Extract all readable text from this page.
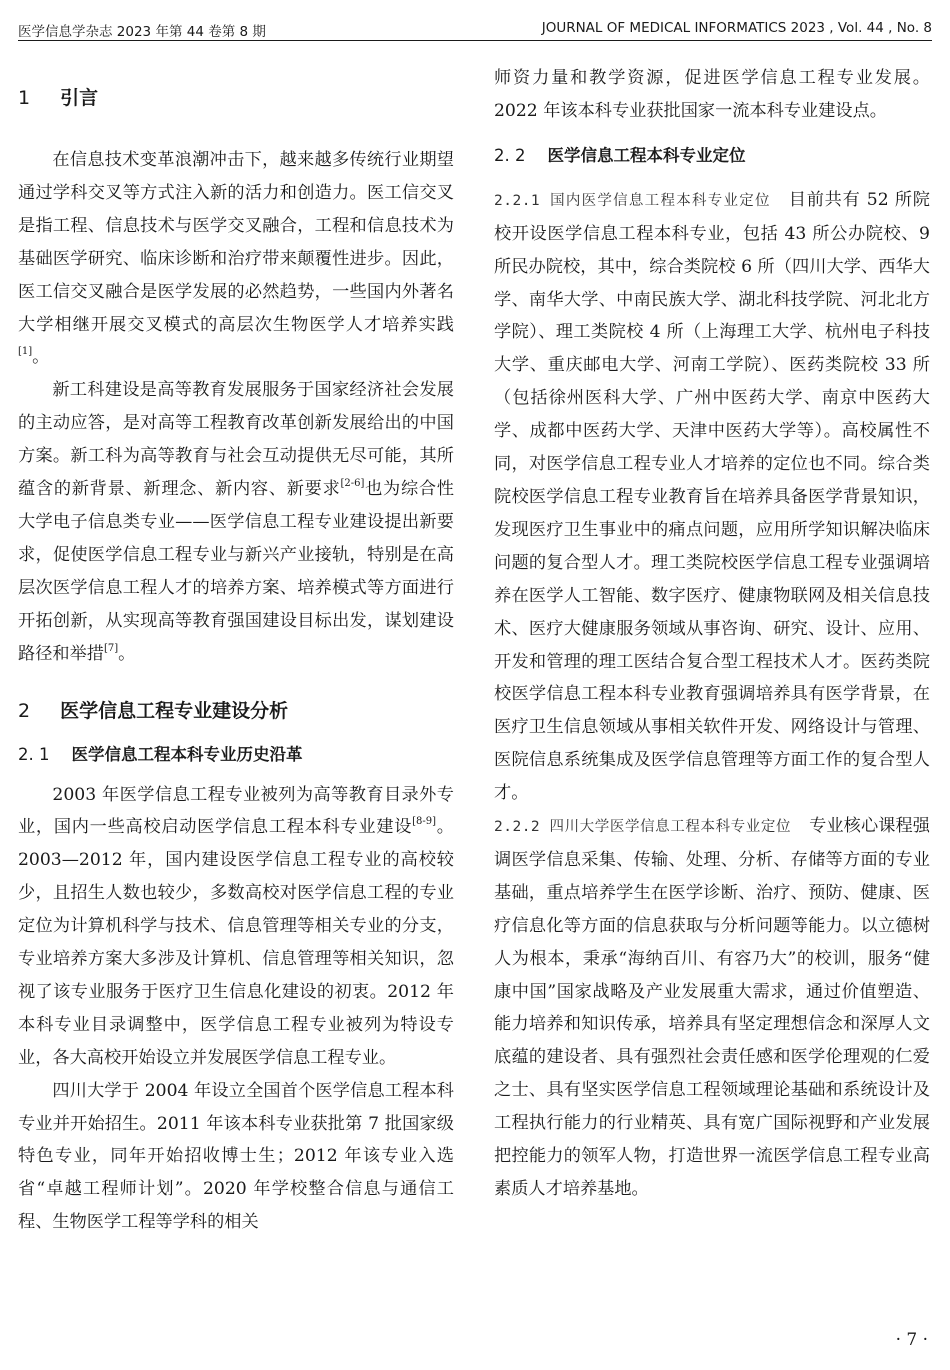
医学信息学杂志 2023 年第 44 卷第 8 期	JOURNAL OF MEDICAL INFORMATICS 2023 , Vol. 44 , No. 8
1 引言

在信息技术变革浪潮冲击下，越来越多传统行业期望通过学科交叉等方式注入新的活力和创造力。医工信交叉是指工程、信息技术与医学交叉融合，工程和信息技术为基础医学研究、临床诊断和治疗带来颠覆性进步。因此，医工信交叉融合是医学发展的必然趋势，一些国内外著名大学相继开展交叉模式的高层次生物医学人才培养实践[1]。

新工科建设是高等教育发展服务于国家经济社会发展的主动应答，是对高等工程教育改革创新发展给出的中国方案。新工科为高等教育与社会互动提供无尽可能，其所蕴含的新背景、新理念、新内容、新要求[2-6]也为综合性大学电子信息类专业——医学信息工程专业建设提出新要求，促使医学信息工程专业与新兴产业接轨，特别是在高层次医学信息工程人才的培养方案、培养模式等方面进行开拓创新，从实现高等教育强国建设目标出发，谋划建设路径和举措[7]。

2 医学信息工程专业建设分析
2. 1 医学信息工程本科专业历史沿革

2003 年医学信息工程专业被列为高等教育目录外专业，国内一些高校启动医学信息工程本科专业建设[8-9]。2003—2012 年，国内建设医学信息工程专业的高校较少，且招生人数也较少，多数高校对医学信息工程的专业定位为计算机科学与技术、信息管理等相关专业的分支，专业培养方案大多涉及计算机、信息管理等相关知识，忽视了该专业服务于医疗卫生信息化建设的初衷。2012 年本科专业目录调整中，医学信息工程专业被列为特设专业，各大高校开始设立并发展医学信息工程专业。

四川大学于 2004 年设立全国首个医学信息工程本科专业并开始招生。2011 年该本科专业获批第 7 批国家级特色专业，同年开始招收博士生；2012 年该专业入选省“卓越工程师计划”。2020 年学校整合信息与通信工程、生物医学工程等学科的相关

师资力量和教学资源，促进医学信息工程专业发展。2022 年该本科专业获批国家一流本科专业建设点。

2. 2 医学信息工程本科专业定位

2.2.1 国内医学信息工程本科专业定位 目前共有 52 所院校开设医学信息工程本科专业，包括 43 所公办院校、9 所民办院校，其中，综合类院校 6 所（四川大学、西华大学、南华大学、中南民族大学、湖北科技学院、河北北方学院）、理工类院校 4 所（上海理工大学、杭州电子科技大学、重庆邮电大学、河南工学院）、医药类院校 33 所（包括徐州医科大学、广州中医药大学、南京中医药大学、成都中医药大学、天津中医药大学等）。高校属性不同，对医学信息工程专业人才培养的定位也不同。综合类院校医学信息工程专业教育旨在培养具备医学背景知识，发现医疗卫生事业中的痛点问题，应用所学知识解决临床问题的复合型人才。理工类院校医学信息工程专业强调培养在医学人工智能、数字医疗、健康物联网及相关信息技术、医疗大健康服务领域从事咨询、研究、设计、应用、开发和管理的理工医结合复合型工程技术人才。医药类院校医学信息工程本科专业教育强调培养具有医学背景，在医疗卫生信息领域从事相关软件开发、网络设计与管理、医院信息系统集成及医学信息管理等方面工作的复合型人才。

2.2.2 四川大学医学信息工程本科专业定位 专业核心课程强调医学信息采集、传输、处理、分析、存储等方面的专业基础，重点培养学生在医学诊断、治疗、预防、健康、医疗信息化等方面的信息获取与分析问题等能力。以立德树人为根本，秉承“海纳百川、有容乃大”的校训，服务“健康中国”国家战略及产业发展重大需求，通过价值塑造、能力培养和知识传承，培养具有坚定理想信念和深厚人文底蕴的建设者、具有强烈社会责任感和医学伦理观的仁爱之士、具有坚实医学信息工程领域理论基础和系统设计及工程执行能力的行业精英、具有宽广国际视野和产业发展把控能力的领军人物，打造世界一流医学信息工程专业高素质人才培养基地。

· 7 ·
